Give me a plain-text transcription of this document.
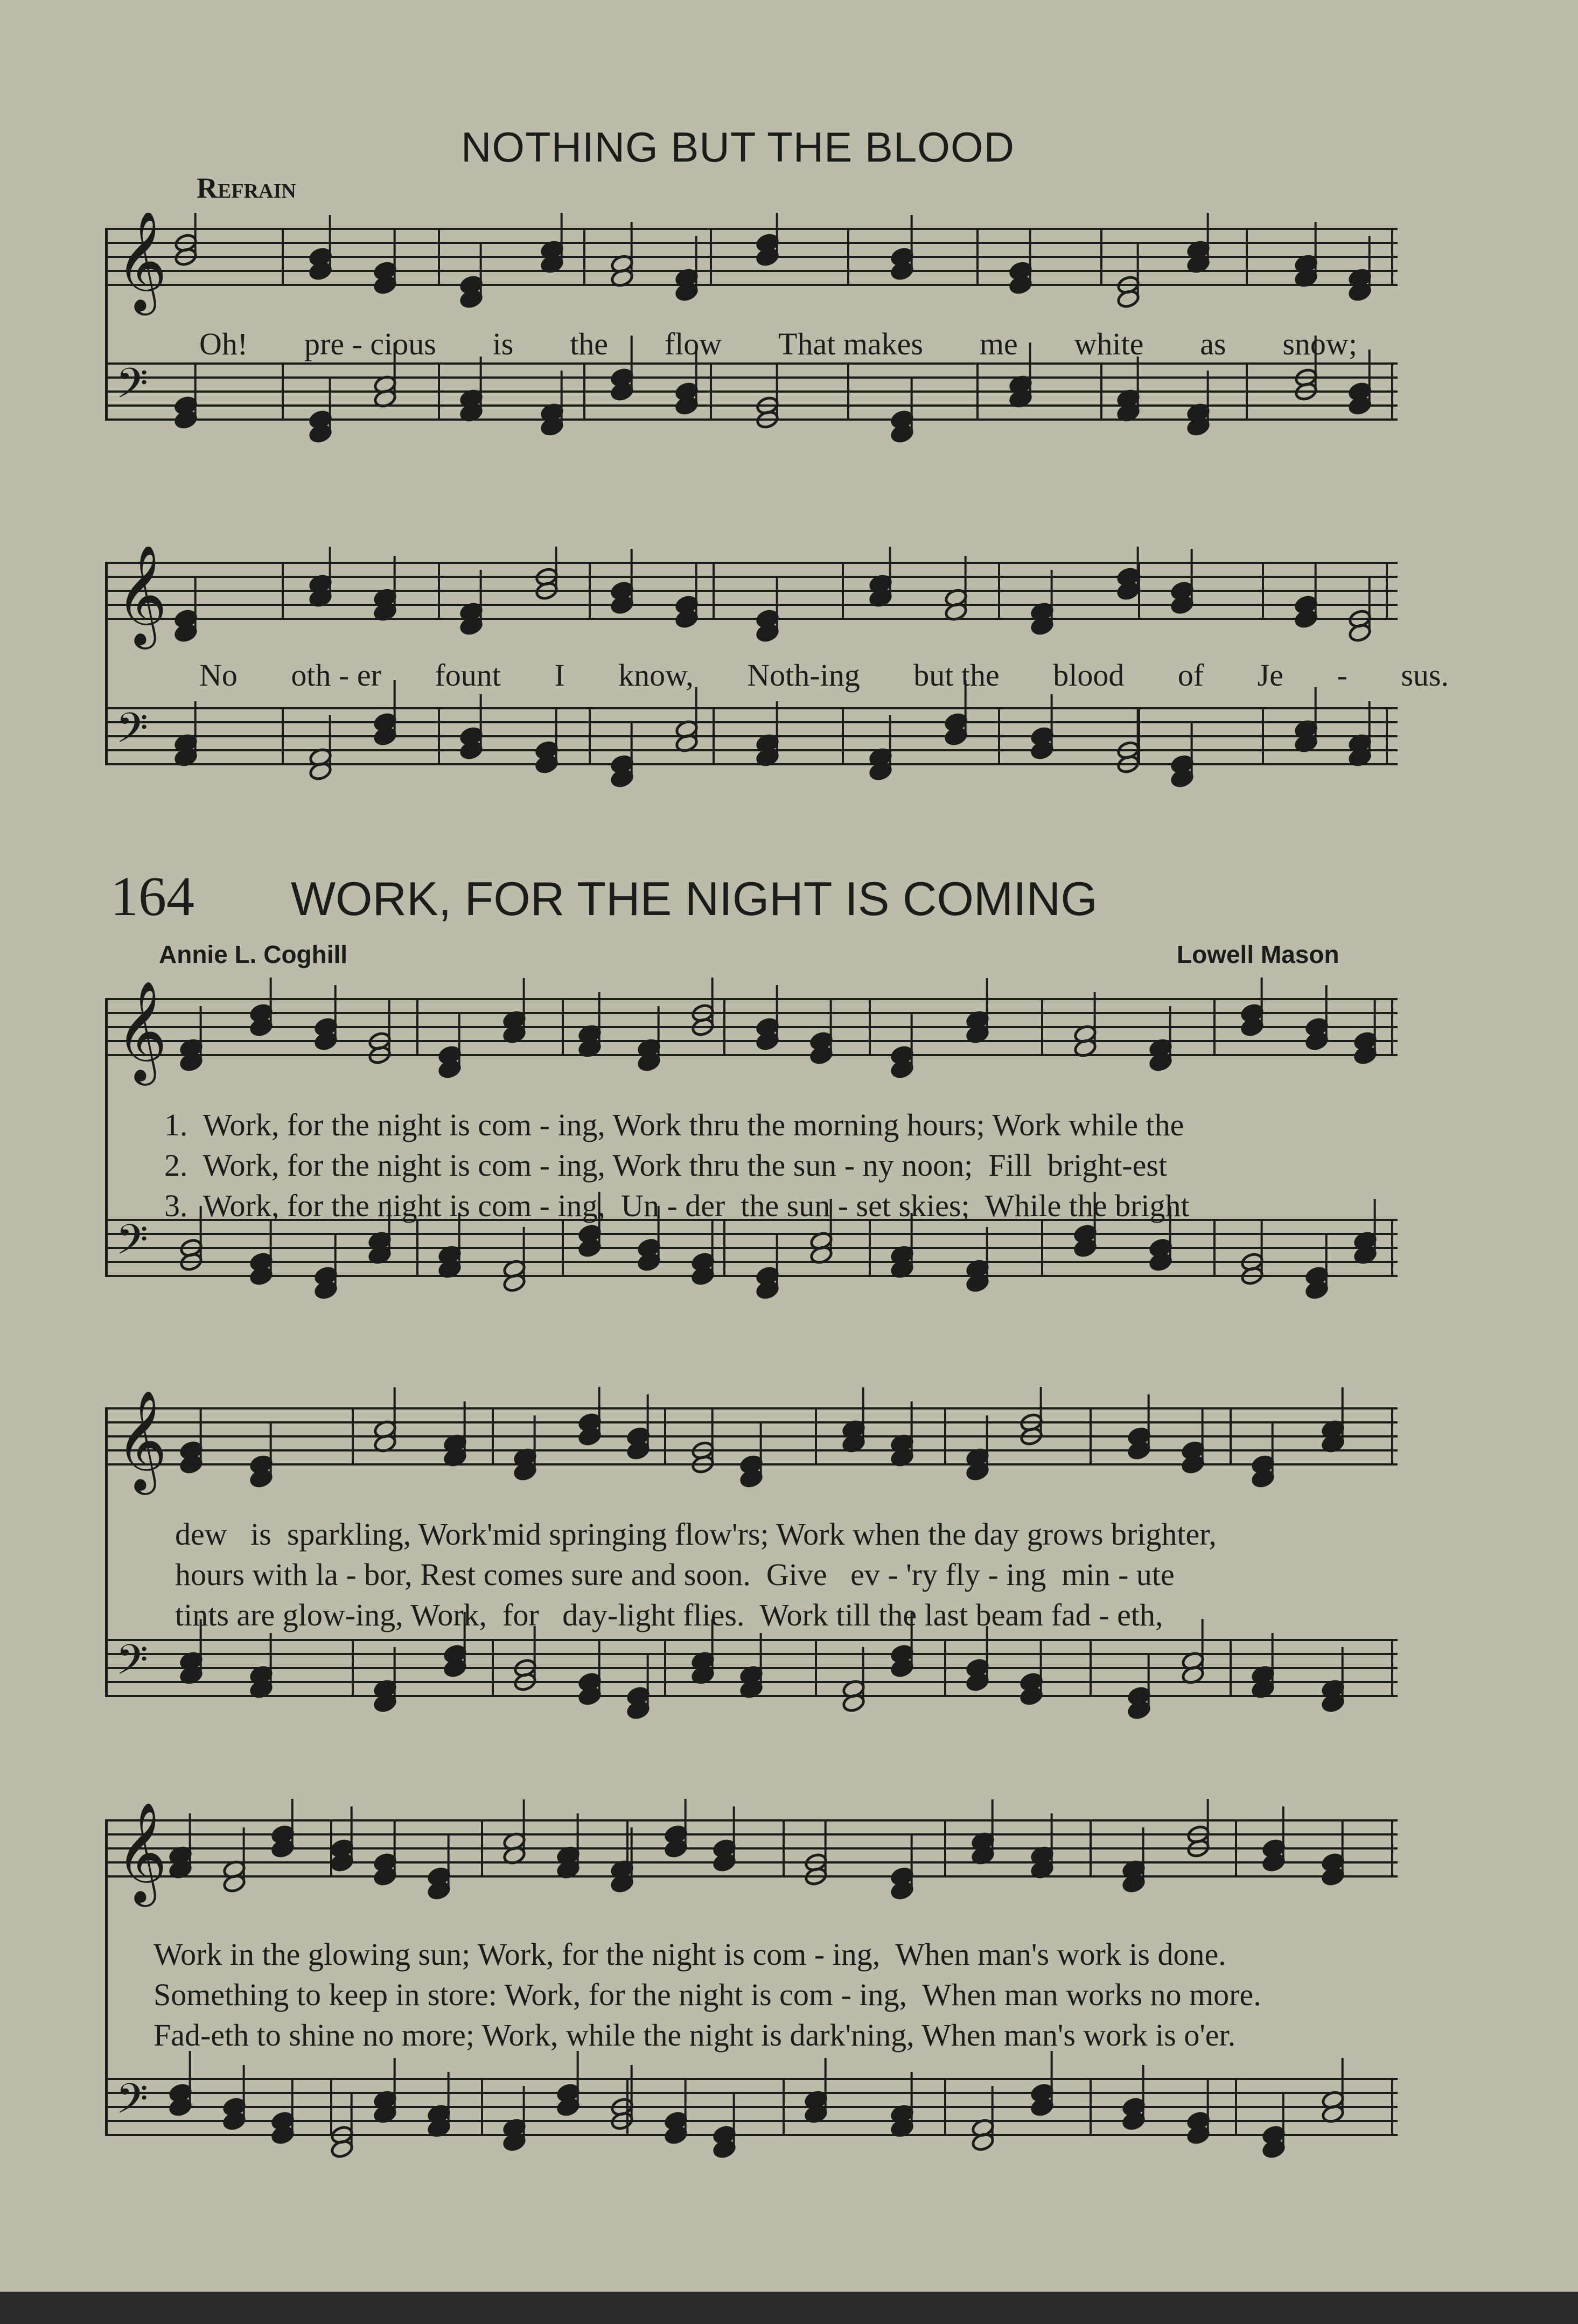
NOTHING BUT THE BLOOD
Refrain
𝄞
𝄢
Oh! pre - cious is the flow That makes me white as snow;
𝄞
𝄢
No oth - er fount I know, Noth-ing but the blood of Je - sus.
164 WORK, FOR THE NIGHT IS COMING
Annie L. Coghill	Lowell Mason
𝄞
𝄢
1.  Work, for the night is com - ing, Work thru the morning hours; Work while the
2.  Work, for the night is com - ing, Work thru the sun - ny noon;  Fill  bright-est
3.  Work, for the night is com - ing,  Un - der  the sun - set skies;  While the bright
𝄞
𝄢
dew   is  sparkling, Work'mid springing flow'rs; Work when the day grows brighter,
hours with la - bor, Rest comes sure and soon.  Give   ev - 'ry fly - ing  min - ute
tints are glow-ing, Work,  for   day-light flies.  Work till the last beam fad - eth,
𝄞
𝄢
Work in the glowing sun; Work, for the night is com - ing,  When man's work is done.
Something to keep in store: Work, for the night is com - ing,  When man works no more.
Fad-eth to shine no more; Work, while the night is dark'ning, When man's work is o'er.
